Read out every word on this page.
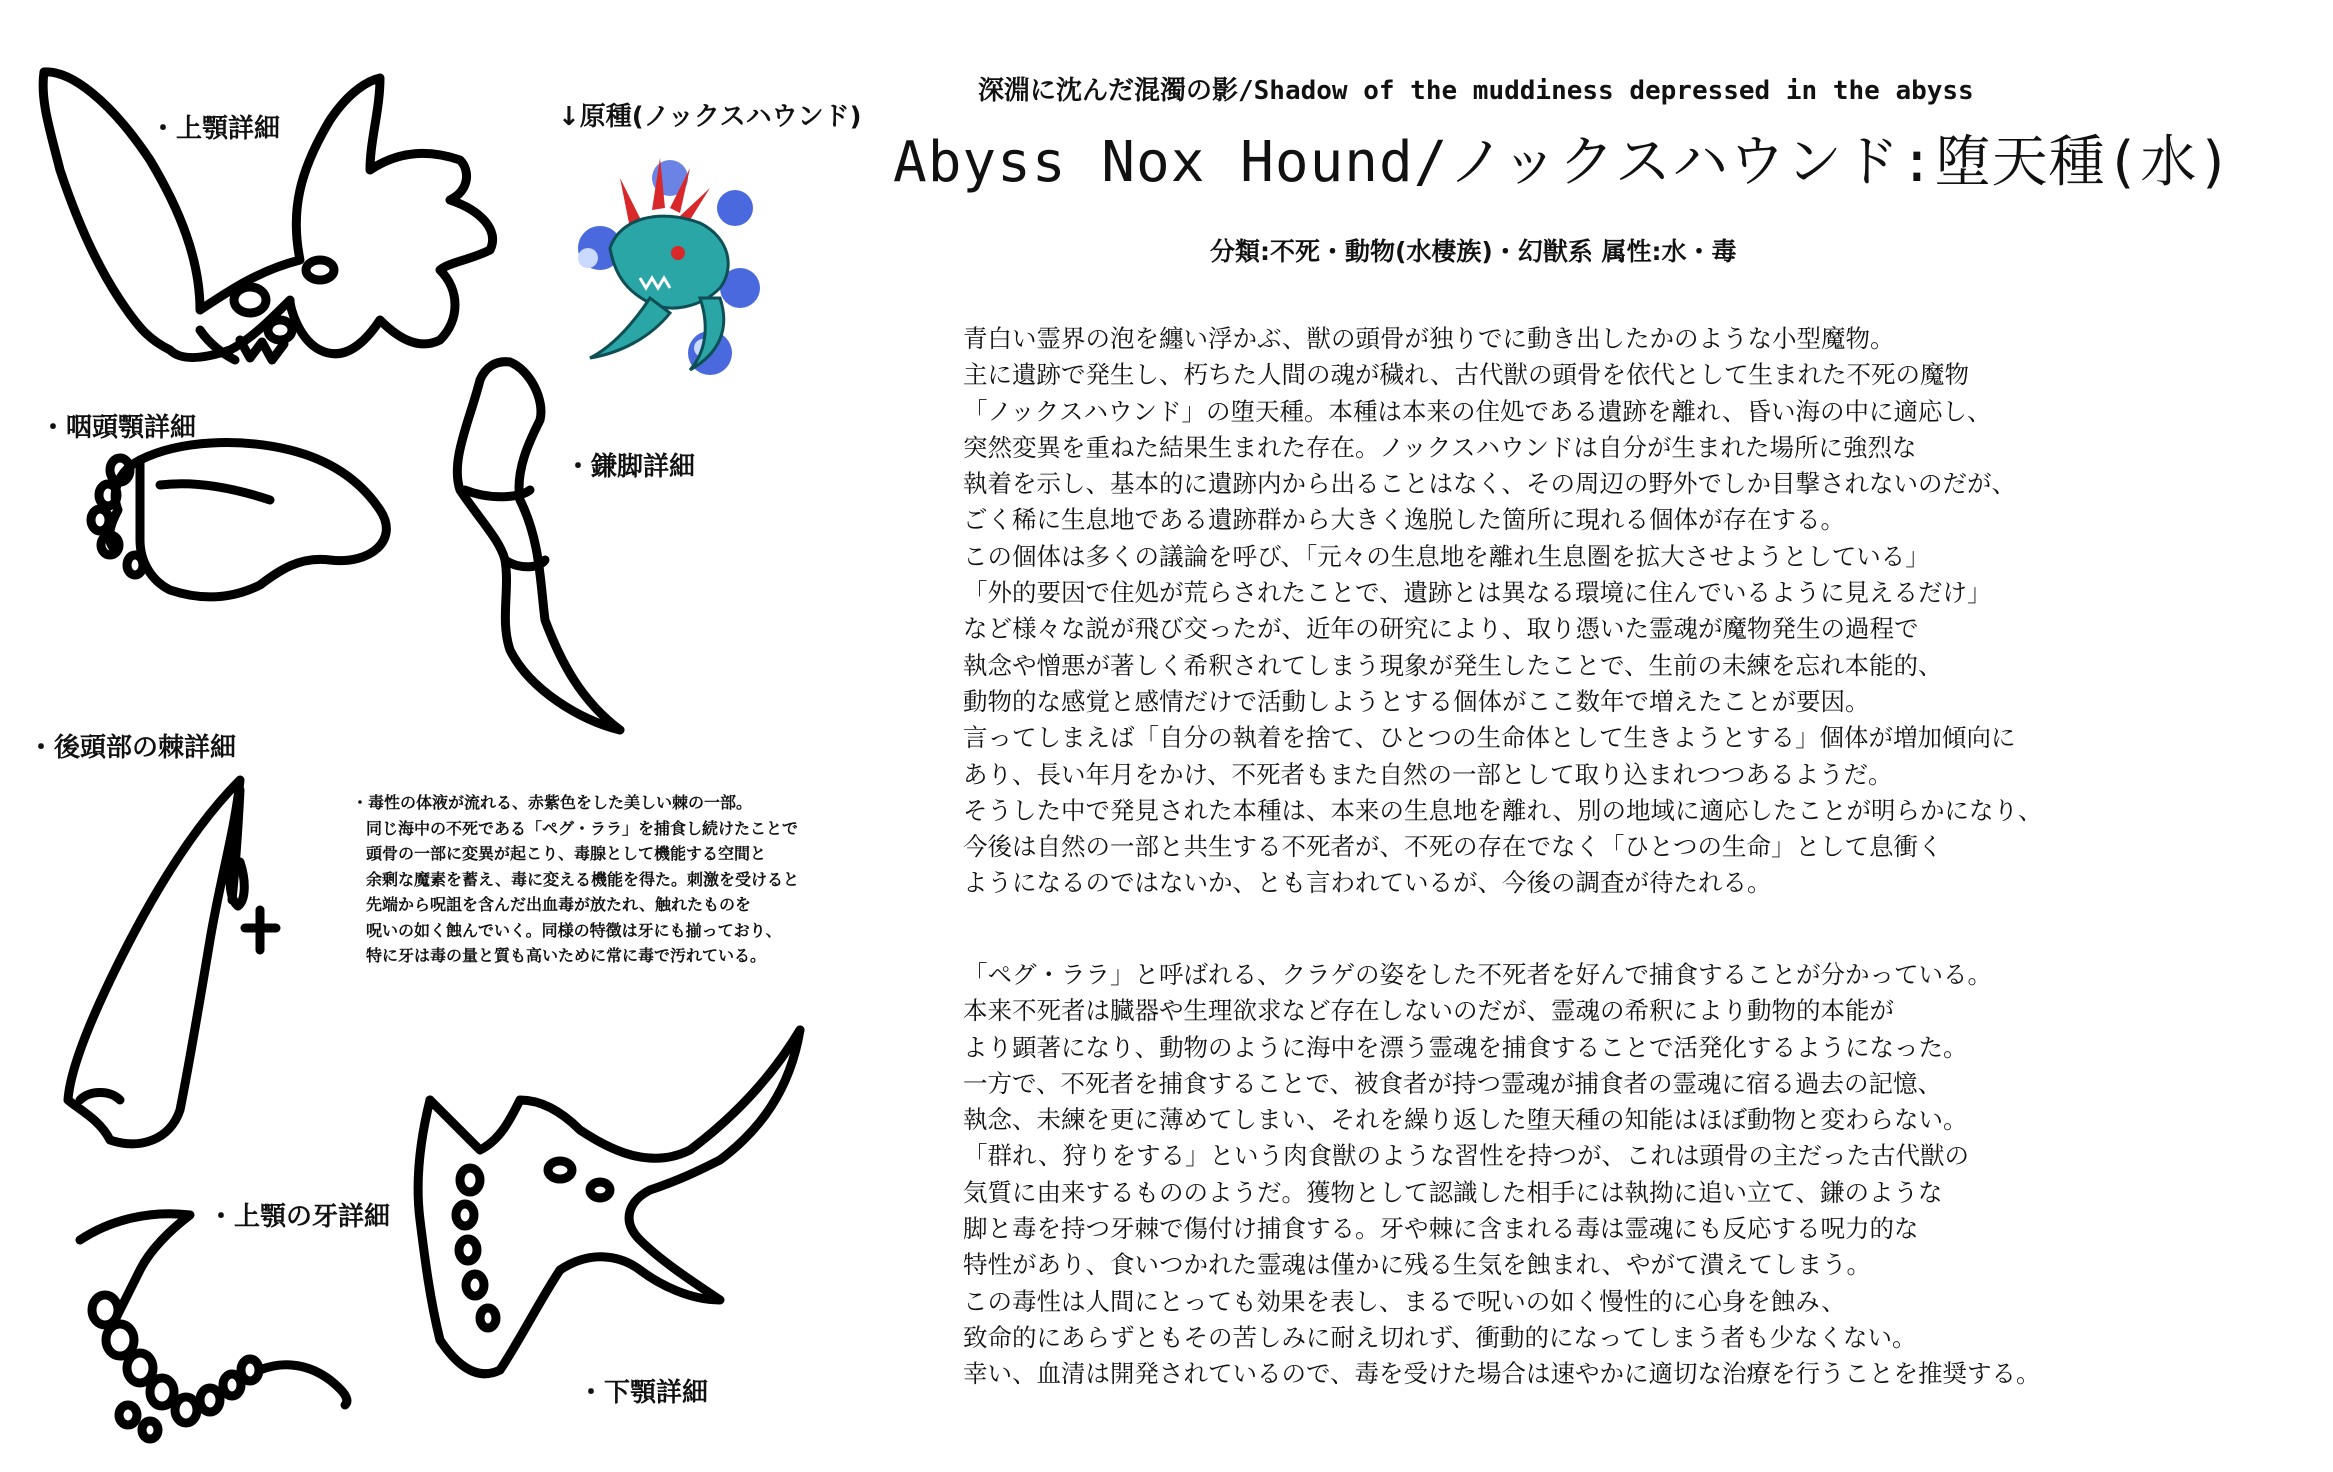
深淵に沈んだ混濁の影/Shadow of the muddiness depressed in the abyss
Abyss Nox Hound/ノックスハウンド:堕天種(水)
分類:不死・動物(水棲族)・幻獣系 属性:水・毒
・上顎詳細	↓原種(ノックスハウンド)
・咽頭顎詳細
・鎌脚詳細
・後頭部の棘詳細
・上顎の牙詳細
・下顎詳細
・毒性の体液が流れる、赤紫色をした美しい棘の一部。
同じ海中の不死である「ペグ・ララ」を捕食し続けたことで
頭骨の一部に変異が起こり、毒腺として機能する空間と
余剰な魔素を蓄え、毒に変える機能を得た。刺激を受けると
先端から呪詛を含んだ出血毒が放たれ、触れたものを
呪いの如く蝕んでいく。同様の特徴は牙にも揃っており、
特に牙は毒の量と質も高いために常に毒で汚れている。
青白い霊界の泡を纏い浮かぶ、獣の頭骨が独りでに動き出したかのような小型魔物。
主に遺跡で発生し、朽ちた人間の魂が穢れ、古代獣の頭骨を依代として生まれた不死の魔物
「ノックスハウンド」の堕天種。本種は本来の住処である遺跡を離れ、昏い海の中に適応し、
突然変異を重ねた結果生まれた存在。ノックスハウンドは自分が生まれた場所に強烈な
執着を示し、基本的に遺跡内から出ることはなく、その周辺の野外でしか目撃されないのだが、
ごく稀に生息地である遺跡群から大きく逸脱した箇所に現れる個体が存在する。
この個体は多くの議論を呼び、「元々の生息地を離れ生息圏を拡大させようとしている」
「外的要因で住処が荒らされたことで、遺跡とは異なる環境に住んでいるように見えるだけ」
など様々な説が飛び交ったが、近年の研究により、取り憑いた霊魂が魔物発生の過程で
執念や憎悪が著しく希釈されてしまう現象が発生したことで、生前の未練を忘れ本能的、
動物的な感覚と感情だけで活動しようとする個体がここ数年で増えたことが要因。
言ってしまえば「自分の執着を捨て、ひとつの生命体として生きようとする」個体が増加傾向に
あり、長い年月をかけ、不死者もまた自然の一部として取り込まれつつあるようだ。
そうした中で発見された本種は、本来の生息地を離れ、別の地域に適応したことが明らかになり、
今後は自然の一部と共生する不死者が、不死の存在でなく「ひとつの生命」として息衝く
ようになるのではないか、とも言われているが、今後の調査が待たれる。
「ペグ・ララ」と呼ばれる、クラゲの姿をした不死者を好んで捕食することが分かっている。
本来不死者は臓器や生理欲求など存在しないのだが、霊魂の希釈により動物的本能が
より顕著になり、動物のように海中を漂う霊魂を捕食することで活発化するようになった。
一方で、不死者を捕食することで、被食者が持つ霊魂が捕食者の霊魂に宿る過去の記憶、
執念、未練を更に薄めてしまい、それを繰り返した堕天種の知能はほぼ動物と変わらない。
「群れ、狩りをする」という肉食獣のような習性を持つが、これは頭骨の主だった古代獣の
気質に由来するもののようだ。獲物として認識した相手には執拗に追い立て、鎌のような
脚と毒を持つ牙棘で傷付け捕食する。牙や棘に含まれる毒は霊魂にも反応する呪力的な
特性があり、食いつかれた霊魂は僅かに残る生気を蝕まれ、やがて潰えてしまう。
この毒性は人間にとっても効果を表し、まるで呪いの如く慢性的に心身を蝕み、
致命的にあらずともその苦しみに耐え切れず、衝動的になってしまう者も少なくない。
幸い、血清は開発されているので、毒を受けた場合は速やかに適切な治療を行うことを推奨する。
